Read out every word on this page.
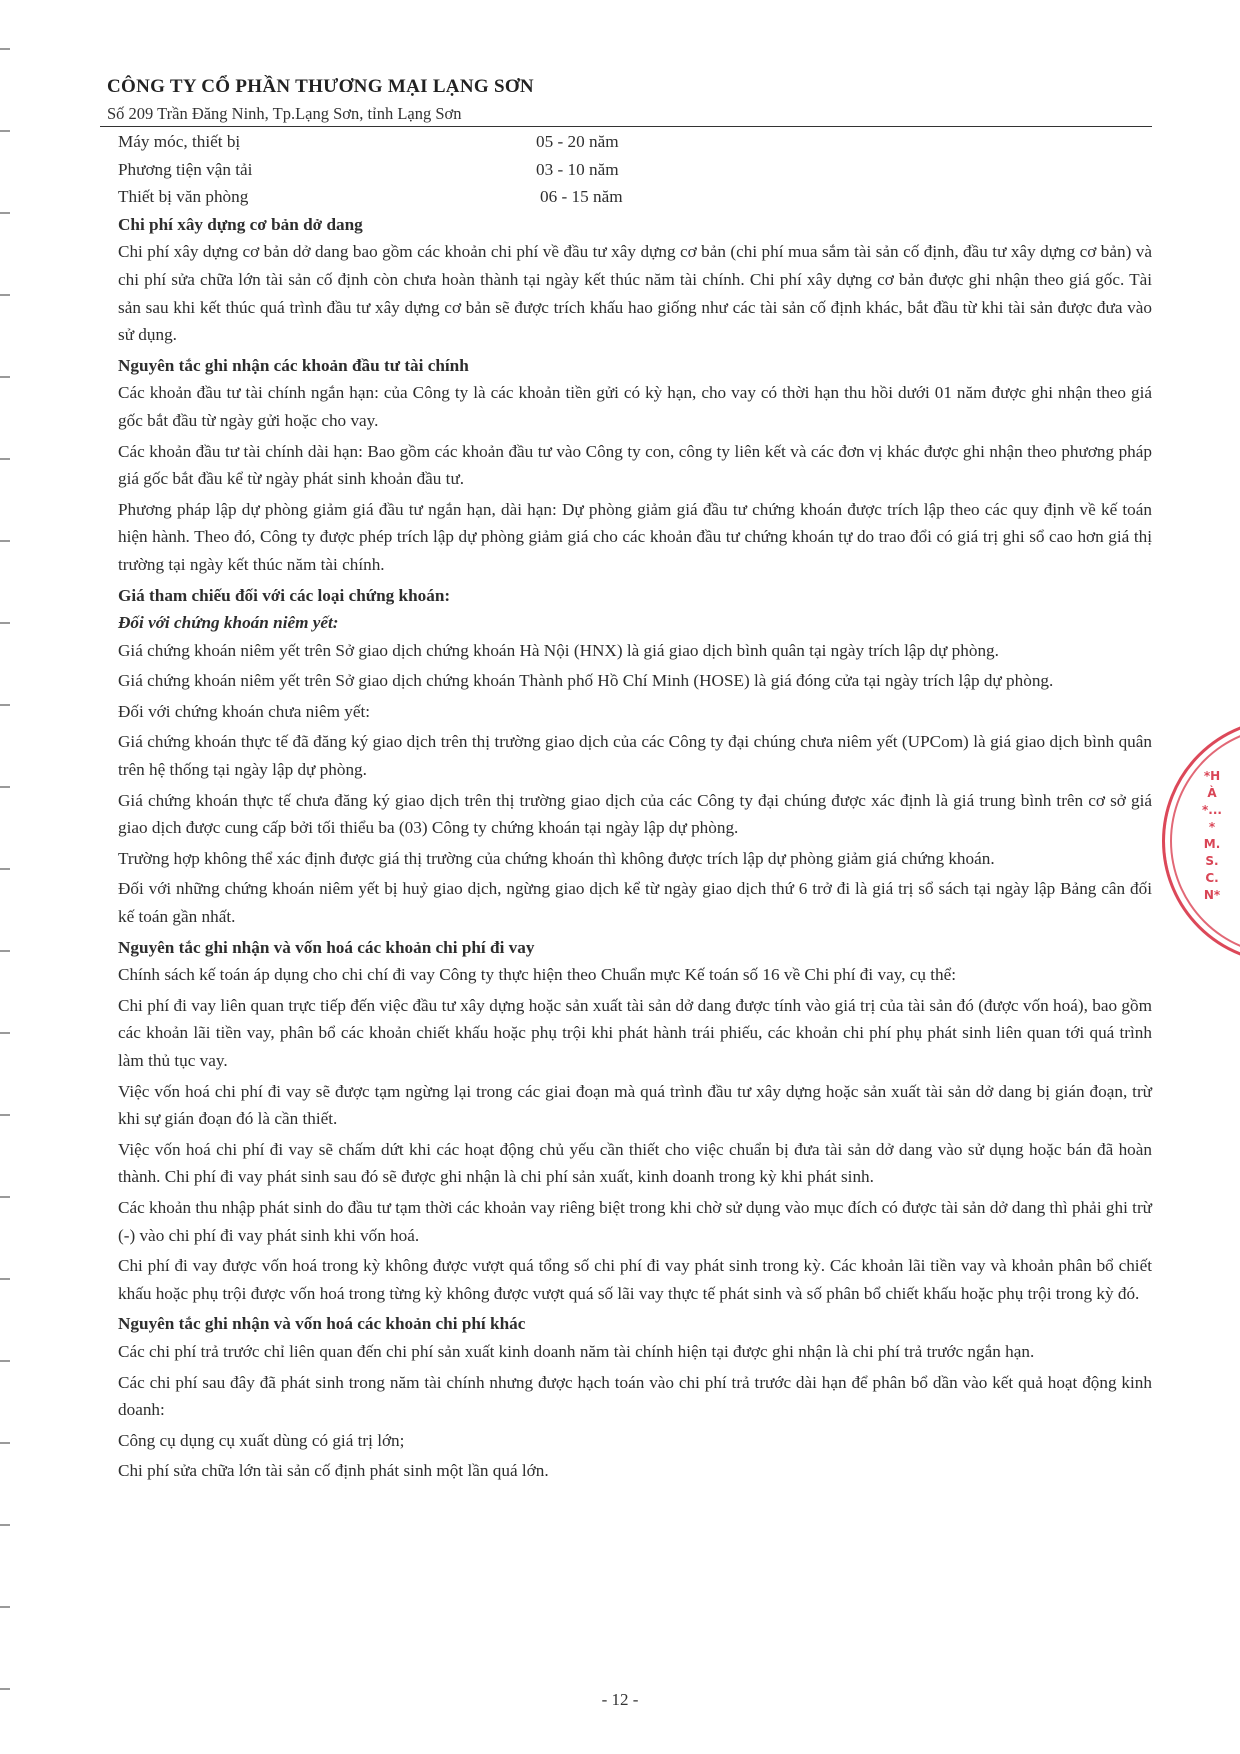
CÔNG TY CỔ PHẦN THƯƠNG MẠI LẠNG SƠN
Số 209 Trần Đăng Ninh, Tp.Lạng Sơn, tỉnh Lạng Sơn
Máy móc, thiết bị	05 - 20 năm
Phương tiện vận tải	03 - 10 năm
Thiết bị văn phòng	06 - 15 năm

Chi phí xây dựng cơ bản dở dang

Chi phí xây dựng cơ bản dở dang bao gồm các khoản chi phí về đầu tư xây dựng cơ bản (chi phí mua sắm tài sản cố định, đầu tư xây dựng cơ bản) và chi phí sửa chữa lớn tài sản cố định còn chưa hoàn thành tại ngày kết thúc năm tài chính. Chi phí xây dựng cơ bản được ghi nhận theo giá gốc. Tài sản sau khi kết thúc quá trình đầu tư xây dựng cơ bản sẽ được trích khấu hao giống như các tài sản cố định khác, bắt đầu từ khi tài sản được đưa vào sử dụng.

Nguyên tắc ghi nhận các khoản đầu tư tài chính

Các khoản đầu tư tài chính ngắn hạn: của Công ty là các khoản tiền gửi có kỳ hạn, cho vay có thời hạn thu hồi dưới 01 năm được ghi nhận theo giá gốc bắt đầu từ ngày gửi hoặc cho vay.

Các khoản đầu tư tài chính dài hạn: Bao gồm các khoản đầu tư vào Công ty con, công ty liên kết và các đơn vị khác được ghi nhận theo phương pháp giá gốc bắt đầu kể từ ngày phát sinh khoản đầu tư.

Phương pháp lập dự phòng giảm giá đầu tư ngắn hạn, dài hạn: Dự phòng giảm giá đầu tư chứng khoán được trích lập theo các quy định về kế toán hiện hành. Theo đó, Công ty được phép trích lập dự phòng giảm giá cho các khoản đầu tư chứng khoán tự do trao đổi có giá trị ghi sổ cao hơn giá thị trường tại ngày kết thúc năm tài chính.

Giá tham chiếu đối với các loại chứng khoán:

Đối với chứng khoán niêm yết:

Giá chứng khoán niêm yết trên Sở giao dịch chứng khoán Hà Nội (HNX) là giá giao dịch bình quân tại ngày trích lập dự phòng.

Giá chứng khoán niêm yết trên Sở giao dịch chứng khoán Thành phố Hồ Chí Minh (HOSE) là giá đóng cửa tại ngày trích lập dự phòng.

Đối với chứng khoán chưa niêm yết:

Giá chứng khoán thực tế đã đăng ký giao dịch trên thị trường giao dịch của các Công ty đại chúng chưa niêm yết (UPCom) là giá giao dịch bình quân trên hệ thống tại ngày lập dự phòng.

Giá chứng khoán thực tế chưa đăng ký giao dịch trên thị trường giao dịch của các Công ty đại chúng được xác định là giá trung bình trên cơ sở giá giao dịch được cung cấp bởi tối thiểu ba (03) Công ty chứng khoán tại ngày lập dự phòng.

Trường hợp không thể xác định được giá thị trường của chứng khoán thì không được trích lập dự phòng giảm giá chứng khoán.

Đối với những chứng khoán niêm yết bị huỷ giao dịch, ngừng giao dịch kể từ ngày giao dịch thứ 6 trở đi là giá trị sổ sách tại ngày lập Bảng cân đối kế toán gần nhất.

Nguyên tắc ghi nhận và vốn hoá các khoản chi phí đi vay

Chính sách kế toán áp dụng cho chi chí đi vay Công ty thực hiện theo Chuẩn mực Kế toán số 16 về Chi phí đi vay, cụ thể:

Chi phí đi vay liên quan trực tiếp đến việc đầu tư xây dựng hoặc sản xuất tài sản dở dang được tính vào giá trị của tài sản đó (được vốn hoá), bao gồm các khoản lãi tiền vay, phân bổ các khoản chiết khấu hoặc phụ trội khi phát hành trái phiếu, các khoản chi phí phụ phát sinh liên quan tới quá trình làm thủ tục vay.

Việc vốn hoá chi phí đi vay sẽ được tạm ngừng lại trong các giai đoạn mà quá trình đầu tư xây dựng hoặc sản xuất tài sản dở dang bị gián đoạn, trừ khi sự gián đoạn đó là cần thiết.

Việc vốn hoá chi phí đi vay sẽ chấm dứt khi các hoạt động chủ yếu cần thiết cho việc chuẩn bị đưa tài sản dở dang vào sử dụng hoặc bán đã hoàn thành. Chi phí đi vay phát sinh sau đó sẽ được ghi nhận là chi phí sản xuất, kinh doanh trong kỳ khi phát sinh.

Các khoản thu nhập phát sinh do đầu tư tạm thời các khoản vay riêng biệt trong khi chờ sử dụng vào mục đích có được tài sản dở dang thì phải ghi trừ (-) vào chi phí đi vay phát sinh khi vốn hoá.

Chi phí đi vay được vốn hoá trong kỳ không được vượt quá tổng số chi phí đi vay phát sinh trong kỳ. Các khoản lãi tiền vay và khoản phân bổ chiết khấu hoặc phụ trội được vốn hoá trong từng kỳ không được vượt quá số lãi vay thực tế phát sinh và số phân bổ chiết khấu hoặc phụ trội trong kỳ đó.

Nguyên tắc ghi nhận và vốn hoá các khoản chi phí khác

Các chi phí trả trước chỉ liên quan đến chi phí sản xuất kinh doanh năm tài chính hiện tại được ghi nhận là chi phí trả trước ngắn hạn.

Các chi phí sau đây đã phát sinh trong năm tài chính nhưng được hạch toán vào chi phí trả trước dài hạn để phân bổ dần vào kết quả hoạt động kinh doanh:

Công cụ dụng cụ xuất dùng có giá trị lớn;

Chi phí sửa chữa lớn tài sản cố định phát sinh một lần quá lớn.

*HÀ*...*M.S.C.N*
- 12 -
